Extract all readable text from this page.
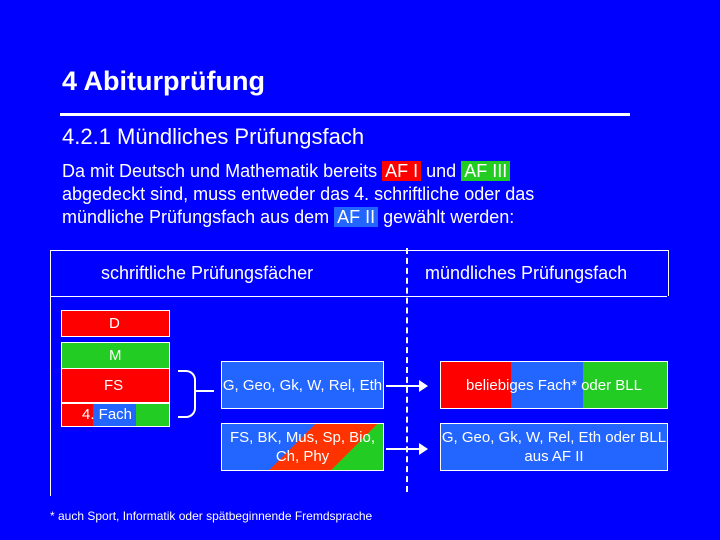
4 Abiturprüfung
4.2.1 Mündliches Prüfungsfach
Da mit Deutsch und Mathematik bereits AF I und AF III
abgedeckt sind, muss entweder das 4. schriftliche oder das
mündliche Prüfungsfach aus dem AF II gewählt werden:
schriftliche Prüfungsfächer	mündliches Prüfungsfach
D
M
FS
4. Fach
G, Geo, Gk, W, Rel, Eth
FS, BK, Mus, Sp, Bio, Ch, Phy
beliebiges Fach* oder BLL
G, Geo, Gk, W, Rel, Eth oder BLL aus AF II
* auch Sport, Informatik oder spätbeginnende Fremdsprache
